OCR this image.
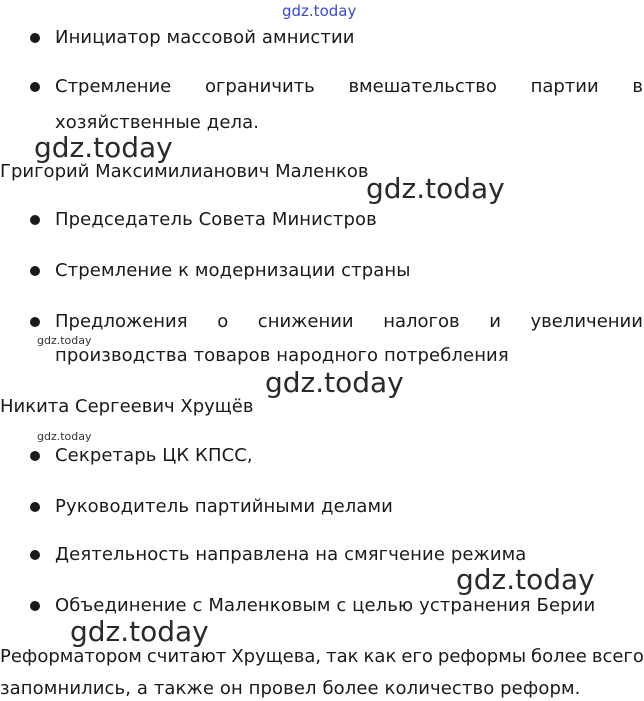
gdz.today
Инициатор массовой амнистии
Стремление ограничить вмешательство партии в
хозяйственные дела.
gdz.today
Григорий Максимилианович Маленков
gdz.today
Председатель Совета Министров
Стремление к модернизации страны
Предложения о снижении налогов и увеличении
производства товаров народного потребления
gdz.today
gdz.today
Никита Сергеевич Хрущёв
gdz.today
Секретарь ЦК КПСС,
Руководитель партийными делами
Деятельность направлена на смягчение режима
Объединение с Маленковым с целью устранения Берии
gdz.today
gdz.today
Реформатором считают Хрущева, так как его реформы более всего
запомнились, а также он провел более количество реформ.
